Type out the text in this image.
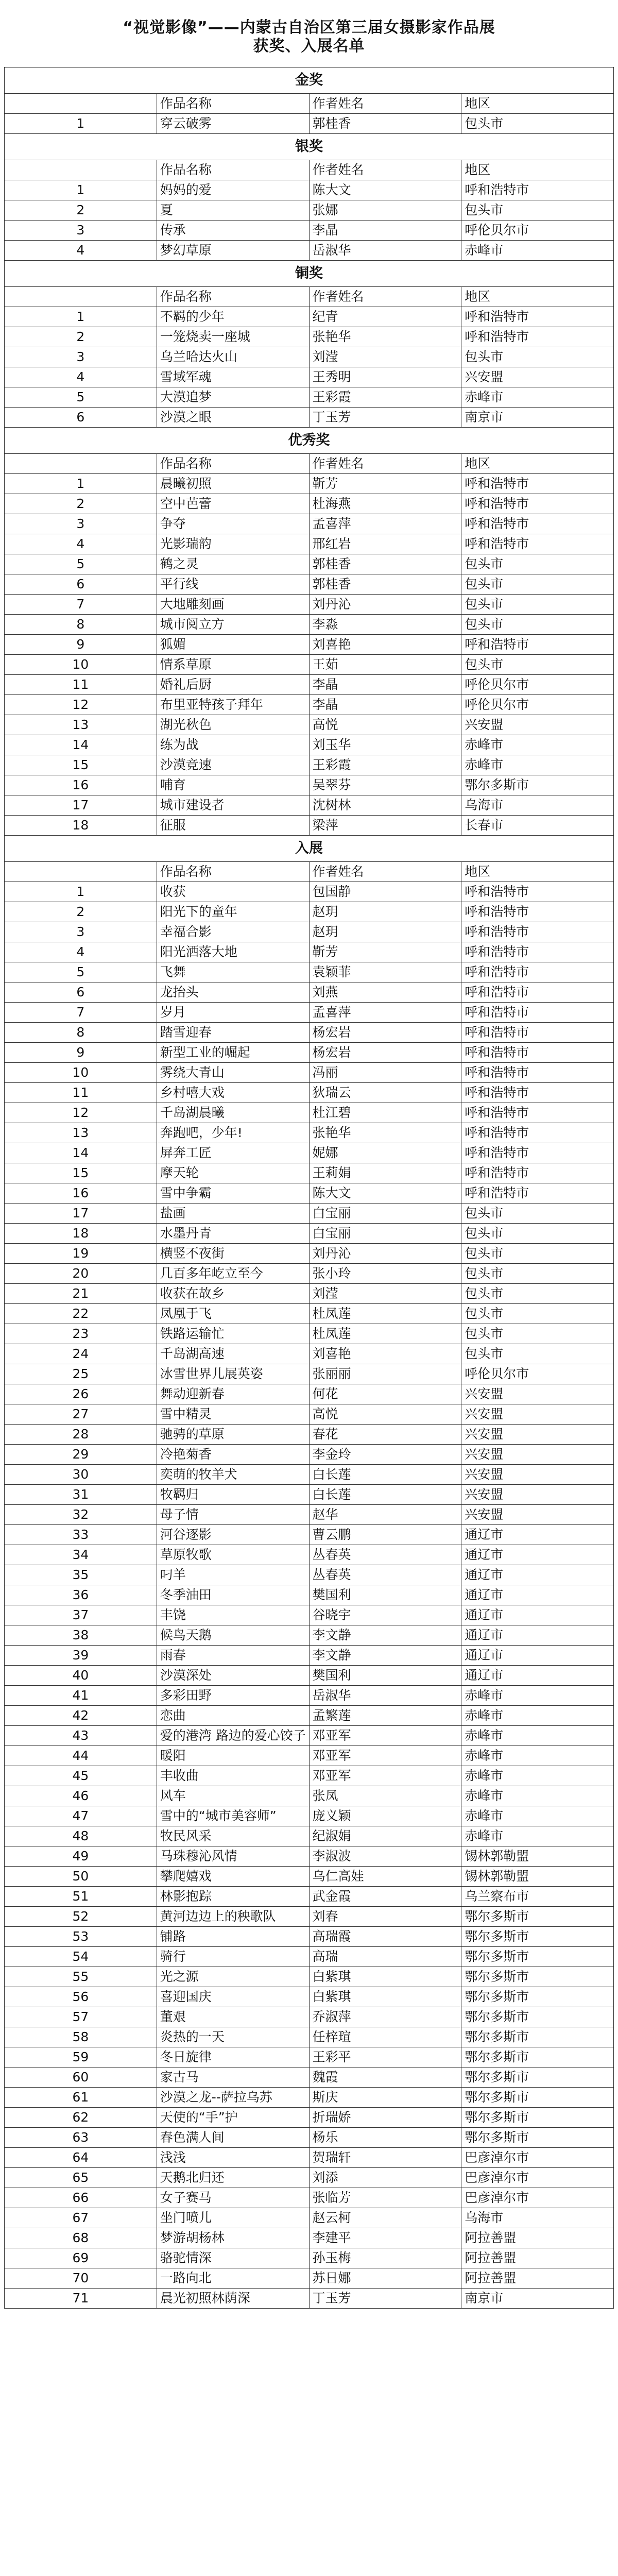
“视觉影像”——内蒙古自治区第三届女摄影家作品展
获奖、入展名单
金奖			
	作品名称	作者姓名	地区
1	穿云破雾	郭桂香	包头市
银奖			
	作品名称	作者姓名	地区
1	妈妈的爱	陈大文	呼和浩特市
2	夏	张娜	包头市
3	传承	李晶	呼伦贝尔市
4	梦幻草原	岳淑华	赤峰市
铜奖			
	作品名称	作者姓名	地区
1	不羁的少年	纪青	呼和浩特市
2	一笼烧卖一座城	张艳华	呼和浩特市
3	乌兰哈达火山	刘滢	包头市
4	雪域军魂	王秀明	兴安盟
5	大漠追梦	王彩霞	赤峰市
6	沙漠之眼	丁玉芳	南京市
优秀奖			
	作品名称	作者姓名	地区
1	晨曦初照	靳芳	呼和浩特市
2	空中芭蕾	杜海燕	呼和浩特市
3	争夺	孟喜萍	呼和浩特市
4	光影瑞韵	邢红岩	呼和浩特市
5	鹤之灵	郭桂香	包头市
6	平行线	郭桂香	包头市
7	大地雕刻画	刘丹沁	包头市
8	城市阅立方	李淼	包头市
9	狐媚	刘喜艳	呼和浩特市
10	情系草原	王茹	包头市
11	婚礼后厨	李晶	呼伦贝尔市
12	布里亚特孩子拜年	李晶	呼伦贝尔市
13	湖光秋色	高悦	兴安盟
14	练为战	刘玉华	赤峰市
15	沙漠竞速	王彩霞	赤峰市
16	哺育	吴翠芬	鄂尔多斯市
17	城市建设者	沈树林	乌海市
18	征服	梁萍	长春市
入展			
	作品名称	作者姓名	地区
1	收获	包国静	呼和浩特市
2	阳光下的童年	赵玥	呼和浩特市
3	幸福合影	赵玥	呼和浩特市
4	阳光洒落大地	靳芳	呼和浩特市
5	飞舞	袁颖菲	呼和浩特市
6	龙抬头	刘燕	呼和浩特市
7	岁月	孟喜萍	呼和浩特市
8	踏雪迎春	杨宏岩	呼和浩特市
9	新型工业的崛起	杨宏岩	呼和浩特市
10	雾绕大青山	冯丽	呼和浩特市
11	乡村嘻大戏	狄瑞云	呼和浩特市
12	千岛湖晨曦	杜江碧	呼和浩特市
13	奔跑吧，少年!	张艳华	呼和浩特市
14	屏奔工匠	妮娜	呼和浩特市
15	摩天轮	王莉娟	呼和浩特市
16	雪中争霸	陈大文	呼和浩特市
17	盐画	白宝丽	包头市
18	水墨丹青	白宝丽	包头市
19	横竖不夜街	刘丹沁	包头市
20	几百多年屹立至今	张小玲	包头市
21	收获在故乡	刘滢	包头市
22	凤凰于飞	杜凤莲	包头市
23	铁路运输忙	杜凤莲	包头市
24	千岛湖高速	刘喜艳	包头市
25	冰雪世界儿展英姿	张丽丽	呼伦贝尔市
26	舞动迎新春	何花	兴安盟
27	雪中精灵	高悦	兴安盟
28	驰骋的草原	春花	兴安盟
29	冷艳菊香	李金玲	兴安盟
30	奕萌的牧羊犬	白长莲	兴安盟
31	牧羁归	白长莲	兴安盟
32	母子情	赵华	兴安盟
33	河谷逐影	曹云鹏	通辽市
34	草原牧歌	丛春英	通辽市
35	叼羊	丛春英	通辽市
36	冬季油田	樊国利	通辽市
37	丰饶	谷晓宇	通辽市
38	候鸟天鹅	李文静	通辽市
39	雨春	李文静	通辽市
40	沙漠深处	樊国利	通辽市
41	多彩田野	岳淑华	赤峰市
42	恋曲	孟繁莲	赤峰市
43	爱的港湾 路边的爱心饺子	邓亚军	赤峰市
44	暖阳	邓亚军	赤峰市
45	丰收曲	邓亚军	赤峰市
46	风车	张凤	赤峰市
47	雪中的“城市美容师”	庞义颖	赤峰市
48	牧民风采	纪淑娟	赤峰市
49	马珠穆沁风情	李淑波	锡林郭勒盟
50	攀爬嬉戏	乌仁高娃	锡林郭勒盟
51	林影抱踪	武金霞	乌兰察布市
52	黄河边边上的秧歌队	刘春	鄂尔多斯市
53	铺路	高瑞霞	鄂尔多斯市
54	骑行	高瑞	鄂尔多斯市
55	光之源	白紫琪	鄂尔多斯市
56	喜迎国庆	白紫琪	鄂尔多斯市
57	董艰	乔淑萍	鄂尔多斯市
58	炎热的一天	任梓瑄	鄂尔多斯市
59	冬日旋律	王彩平	鄂尔多斯市
60	家古马	魏霞	鄂尔多斯市
61	沙漠之龙--萨拉乌苏	斯庆	鄂尔多斯市
62	天使的“手”护	折瑞娇	鄂尔多斯市
63	春色满人间	杨乐	鄂尔多斯市
64	浅浅	贺瑞轩	巴彦淖尔市
65	天鹅北归还	刘添	巴彦淖尔市
66	女子赛马	张临芳	巴彦淖尔市
67	坐门喷儿	赵云柯	乌海市
68	梦游胡杨林	李建平	阿拉善盟
69	骆驼情深	孙玉梅	阿拉善盟
70	一路向北	苏日娜	阿拉善盟
71	晨光初照林荫深	丁玉芳	南京市
